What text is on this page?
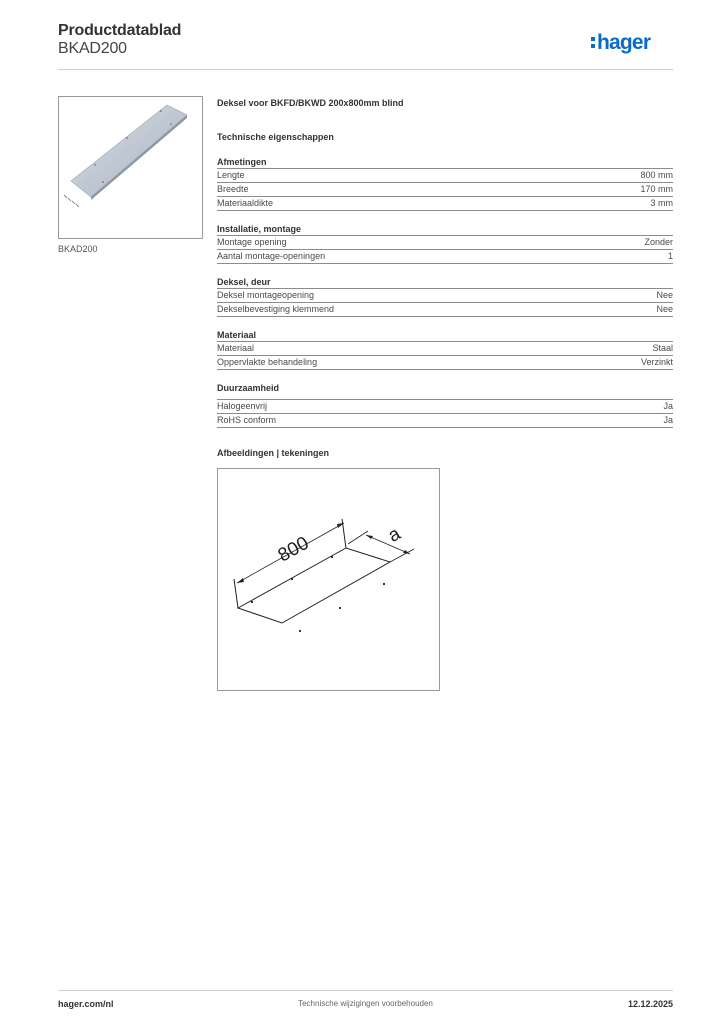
Productdatablad
BKAD200	hager
BKAD200
Deksel voor BKFD/BKWD 200x800mm blind
Technische eigenschappen
Afmetingen
Lengte	800 mm
Breedte	170 mm
Materiaaldikte	3 mm
Installatie, montage
Montage opening	Zonder
Aantal montage-openingen	1
Deksel, deur
Deksel montageopening	Nee
Dekselbevestiging klemmend	Nee
Materiaal
Materiaal	Staal
Oppervlakte behandeling	Verzinkt
Duurzaamheid
Halogeenvrij	Ja
RoHS conform	Ja
Afbeeldingen | tekeningen
800	a
hager.com/nl	Technische wijzigingen voorbehouden	12.12.2025
